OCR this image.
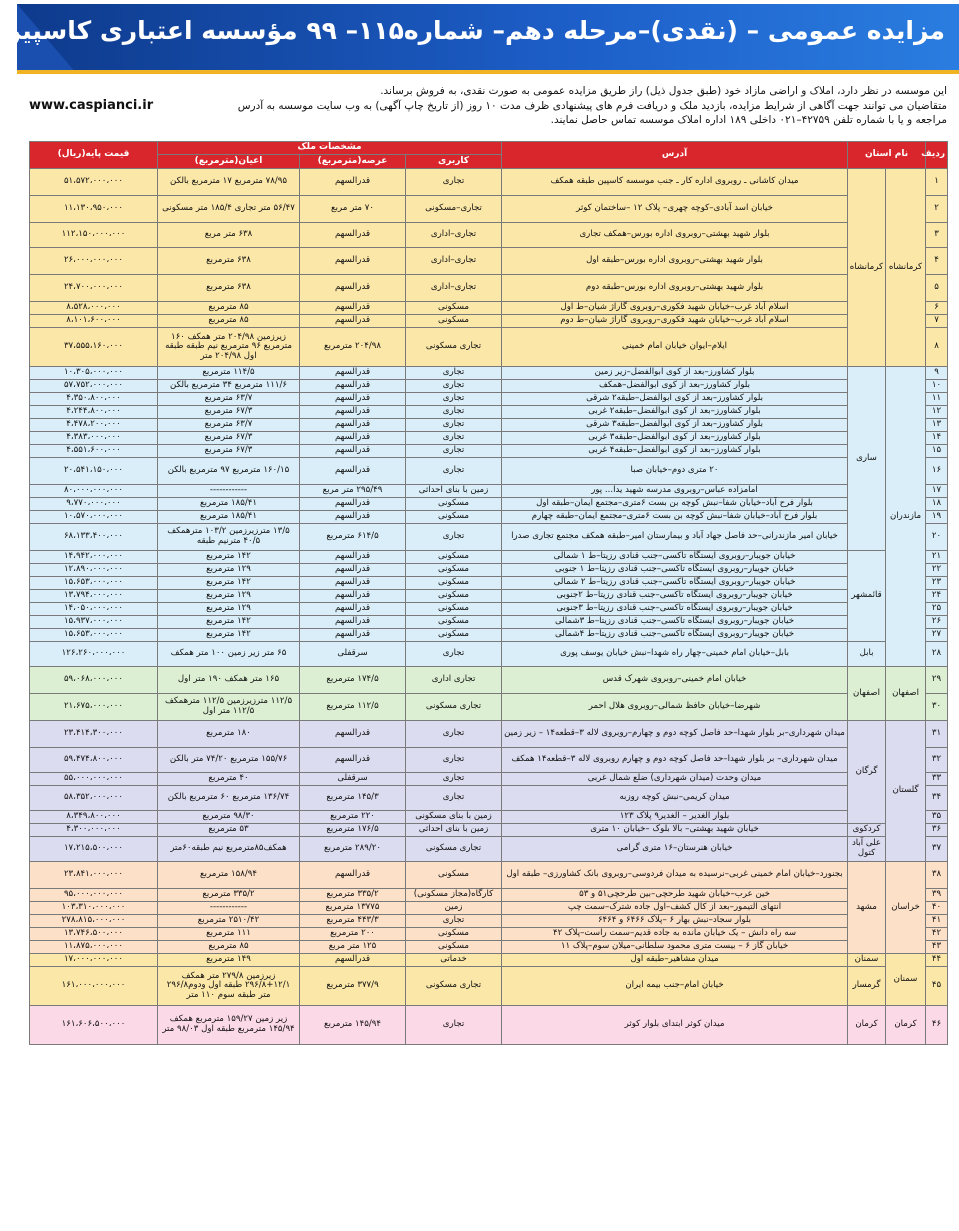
مزایده عمومی – (نقدی)–مرحله دهم– شماره۱۱۵– ۹۹ مؤسسه اعتباری کاسپین
این موسسه در نظر دارد، املاک و اراضی مازاد خود (طبق جدول ذیل) راز طریق مزایده عمومی به صورت نقدی، به فروش برساند.
متقاضیان می توانند جهت آگاهی از شرایط مزایده، بازدید ملک و دریافت فرم های پیشنهادی ظرف مدت ۱۰ روز (از تاریخ چاپ آگهی) به وب سایت موسسه به آدرس
مراجعه و یا با شماره تلفن ۴۲۷۵۹–۰۲۱ داخلی ۱۸۹ اداره املاک موسسه تماس حاصل نمایند.
www.caspianci.ir
ردیف	نام استان		آدرس	مشخصات ملک			قیمت پایه(ریال)
				کاربری	عرصه(مترمربع)	اعیان(مترمربع)	
۱	کرمانشاه	کرمانشاه	میدان کاشانی ـ روبروی اداره کار ـ جنب موسسه کاسپین طبقه همکف	تجاری	قدرالسهم	۷۸/۹۵ مترمربع ۱۷ مترمربع بالکن	۵۱،۵۷۲،۰۰۰،۰۰۰
۲			خیابان اسد آبادی–کوچه چهری– پلاک ۱۲ –ساختمان کوثر	تجاری–مسکونی	۷۰ متر مربع	۵۶/۴۷ متر تجاری ۱۸۵/۴ متر مسکونی	۱۱،۱۳۰،۹۵۰،۰۰۰
۳			بلوار شهید بهشتی–روبروی اداره بورس–همکف تجاری	تجاری–اداری	قدرالسهم	۶۳۸ متر مربع	۱۱۲،۱۵۰،۰۰۰،۰۰۰
۴			بلوار شهید بهشتی–روبروی اداره بورس–طبقه اول	تجاری–اداری	قدرالسهم	۶۳۸ مترمربع	۲۶،۰۰۰،۰۰۰،۰۰۰
۵			بلوار شهید بهشتی–روبروی اداره بورس–طبقه دوم	تجاری–اداری	قدرالسهم	۶۳۸ مترمربع	۲۴،۷۰۰،۰۰۰،۰۰۰
۶			اسلام آباد غرب–خیابان شهید فکوری–روبروی گاراژ شیان–ط اول	مسکونی	قدرالسهم	۸۵ مترمربع	۸،۵۲۸،۰۰۰،۰۰۰
۷			اسلام آباد غرب–خیابان شهید فکوری–روبروی گاراژ شیان–ط دوم	مسکونی	قدرالسهم	۸۵ مترمربع	۸،۱۰۱،۶۰۰،۰۰۰
۸			ایلام–ایوان خیابان امام خمینی	تجاری مسکونی	۲۰۴/۹۸ مترمربع	زیرزمین ۲۰۴/۹۸ متر همکف ۱۶۰ مترمربع ۹۶ مترمربع نیم طبقه طبقه اول ۲۰۴/۹۸ متر	۳۷،۵۵۵،۱۶۰،۰۰۰
۹	مازندران	ساری	بلوار کشاورز–بعد از کوی ابوالفضل–زیر زمین	تجاری	قدرالسهم	۱۱۴/۵ مترمربع	۱۰،۳۰۵،۰۰۰،۰۰۰
۱۰			بلوار کشاورز–بعد از کوی ابوالفضل–همکف	تجاری	قدرالسهم	۱۱۱/۶ مترمربع ۳۴ مترمربع بالکن	۵۷،۷۵۲،۰۰۰،۰۰۰
۱۱			بلوار کشاورز–بعد از کوی ابوالفضل–طبقه۲ شرقی	تجاری	قدرالسهم	۶۳/۷ مترمربع	۴،۳۵۰،۸۰۰،۰۰۰
۱۲			بلوار کشاورز–بعد از کوی ابوالفضل–طبقه۲ غربی	تجاری	قدرالسهم	۶۷/۳ مترمربع	۴،۲۴۴،۸۰۰،۰۰۰
۱۳			بلوار کشاورز–بعد از کوی ابوالفضل–طبقه۳ شرقی	تجاری	قدرالسهم	۶۳/۷ مترمربع	۴،۴۷۸،۲۰۰،۰۰۰
۱۴			بلوار کشاورز–بعد از کوی ابوالفضل–طبقه۳ غربی	تجاری	قدرالسهم	۶۷/۳ مترمربع	۴،۳۸۳،۰۰۰،۰۰۰
۱۵			بلوار کشاورز–بعد از کوی ابوالفضل–طبقه۴ غربی	تجاری	قدرالسهم	۶۷/۳ مترمربع	۴،۵۵۱،۶۰۰،۰۰۰
۱۶			۲۰ متری دوم–خیابان صبا	تجاری	قدرالسهم	۱۶۰/۱۵ مترمربع ۹۷ مترمربع بالکن	۲۰،۵۴۱،۱۵۰،۰۰۰
۱۷			امامزاده عباس–روبروی مدرسه شهید یدا... پور	زمین با بنای احداثی	۲۹۵/۴۹ متر مربع	------------	۸۰،۰۰۰،۰۰۰،۰۰۰
۱۸			بلوار فرح آباد–خیابان شفا–نبش کوچه بن بست ۶متری–مجتمع ایمان–طبقه اول	مسکونی	قدرالسهم	۱۸۵/۴۱ مترمربع	۹،۷۷۰،۰۰۰،۰۰۰
۱۹			بلوار فرح آباد–خیابان شفا–نبش کوچه بن بست ۶متری–مجتمع ایمان–طبقه چهارم	مسکونی	قدرالسهم	۱۸۵/۴۱ مترمربع	۱۰،۵۷۰،۰۰۰،۰۰۰
۲۰			خیابان امیر مازندرانی–حد فاصل جهاد آباد و بیمارستان امیر–طبقه همکف مجتمع تجاری صدرا	تجاری	۶۱۴/۵ مترمربع	۱۳/۵ مترزیرزمین ۱۰۳/۲ مترهمکف ۴۰/۵ مترنیم طبقه	۶۸،۱۳۳،۴۰۰،۰۰۰
۲۱		قائمشهر	خیابان جویبار–روبروی ایستگاه تاکسی–جنب قنادی رزیتا–ط ۱ شمالی	مسکونی	قدرالسهم	۱۴۲ مترمربع	۱۴،۹۴۲،۰۰۰،۰۰۰
۲۲			خیابان جویبار–روبروی ایستگاه تاکسی–جنب قنادی رزیتا–ط ۱ جنوبی	مسکونی	قدرالسهم	۱۲۹ مترمربع	۱۲،۸۹۰،۰۰۰،۰۰۰
۲۳			خیابان جویبار–روبروی ایستگاه تاکسی–جنب قنادی رزیتا–ط ۲ شمالی	مسکونی	قدرالسهم	۱۴۲ مترمربع	۱۵،۶۵۳،۰۰۰،۰۰۰
۲۴			خیابان جویبار–روبروی ایستگاه تاکسی–جنب قنادی رزیتا–ط ۲جنوبی	مسکونی	قدرالسهم	۱۲۹ مترمربع	۱۳،۷۹۴،۰۰۰،۰۰۰
۲۵			خیابان جویبار–روبروی ایستگاه تاکسی–جنب قنادی رزیتا–ط ۳جنوبی	مسکونی	قدرالسهم	۱۲۹ مترمربع	۱۴،۰۵۰،۰۰۰،۰۰۰
۲۶			خیابان جویبار–روبروی ایستگاه تاکسی–جنب قنادی رزیتا–ط ۳شمالی	مسکونی	قدرالسهم	۱۴۲ مترمربع	۱۵،۹۳۷،۰۰۰،۰۰۰
۲۷			خیابان جویبار–روبروی ایستگاه تاکسی–جنب قنادی رزیتا–ط ۴شمالی	مسکونی	قدرالسهم	۱۴۲ مترمربع	۱۵،۶۵۳،۰۰۰،۰۰۰
۲۸		بابل	بابل–خیابان امام خمینی–چهار راه شهدا–نبش خیابان یوسف پوری	تجاری	سرقفلی	۶۵ متر زیر زمین ۱۰۰ متر همکف	۱۲۶،۲۶۰،۰۰۰،۰۰۰
۲۹	اصفهان	اصفهان	خیابان امام خمینی–روبروی شهرک قدس	تجاری اداری	۱۷۴/۵ مترمربع	۱۶۵ متر همکف ۱۹۰ متر اول	۵۹،۰۶۸،۰۰۰،۰۰۰
۳۰			شهرضا–خیابان حافظ شمالی–روبروی هلال احمر	تجاری مسکونی	۱۱۲/۵ مترمربع	۱۱۲/۵ مترزیرزمین ۱۱۲/۵ مترهمکف ۱۱۲/۵ متر اول	۲۱،۶۷۵،۰۰۰،۰۰۰
۳۱	گلستان	گرگان	میدان شهرداری–بر بلوار شهدا–حد فاصل کوچه دوم و چهارم–روبروی لاله ۳–قطعه۱۴ – زیر زمین	تجاری	قدرالسهم	۱۸۰ مترمربع	۲۳،۴۱۴،۳۰۰،۰۰۰
۳۲			میدان شهرداری– بر بلوار شهدا–حد فاصل کوچه دوم و چهارم روبروی لاله ۳–قطعه۱۴ همکف	تجاری	قدرالسهم	۱۵۵/۷۶ مترمربع ۷۴/۲۰ متر بالکن	۵۹،۴۷۴،۸۰۰،۰۰۰
۳۳			میدان وحدت (میدان شهرداری) ضلع شمال غربی	تجاری	سرقفلی	۴۰ مترمربع	۵۵،۰۰۰،۰۰۰،۰۰۰
۳۴			میدان کریمی–نبش کوچه روزبه	تجاری	۱۴۵/۳ مترمربع	۱۳۶/۷۴ مترمربع ۶۰ مترمربع بالکن	۵۸،۳۵۲،۰۰۰،۰۰۰
۳۵			بلوار الغدیر – الغدیر۹ پلاک ۱۲۳	زمین با بنای مسکونی	۲۲۰ مترمربع	۹۸/۳۰ مترمربع	۸،۳۴۹،۸۰۰،۰۰۰
۳۶		کردکوی	خیابان شهید بهشتی– بالا بلوک –خیابان ۱۰ متری	زمین با بنای احداثی	۱۷۶/۵ مترمربع	۵۳ مترمربع	۴،۳۰۰،۰۰۰،۰۰۰
۳۷		علی آباد کتول	خیابان هنرستان–۱۶ متری گرامی	تجاری مسکونی	۲۸۹/۲۰ مترمربع	همکف۸۵مترمربع نیم طبقه۶۰متر	۱۷،۲۱۵،۵۰۰،۰۰۰
۳۸	خراسان	مشهد	بجنورد–خیابان امام خمینی غربی–نرسیده به میدان فردوسی–روبروی بانک کشاورزی– طبقه اول	مسکونی	قدرالسهم	۱۵۸/۹۴ مترمربع	۲۳،۸۴۱،۰۰۰،۰۰۰
۳۹			خین عرب–خیابان شهید طرحچی–بین طرحچی۵۱ و ۵۳	کارگاه(مجاز مسکونی)	۳۳۵/۲ مترمربع	۳۳۵/۲ مترمربع	۹۵،۰۰۰،۰۰۰،۰۰۰
۴۰			انتهای التیمور–بعد از کال کشف–اول جاده شترک–سمت چپ	زمین	۱۳۷۷۵ مترمربع	------------	۱۰۳،۳۱۰،۰۰۰،۰۰۰
۴۱			بلوار سجاد–نبش بهار ۶ –پلاک ۶۴۶۶ و ۶۴۶۴	تجاری	۴۴۳/۳ مترمربع	۲۵۱۰/۴۲ مترمربع	۲۷۸،۸۱۵،۰۰۰،۰۰۰
۴۲			سه راه دانش – یک خیابان مانده به جاده قدیم–سمت راست–پلاک ۴۲	مسکونی	۲۰۰ مترمربع	۱۱۱ مترمربع	۱۳،۷۴۶،۵۰۰،۰۰۰
۴۳			خیابان گاز ۶ – بیست متری محمود سلطانی–میلان سوم–پلاک ۱۱	مسکونی	۱۲۵ متر مربع	۸۵ مترمربع	۱۱،۸۷۵،۰۰۰،۰۰۰
۴۴	سمنان	سمنان	میدان مشاهیر–طبقه اول	خدماتی	قدرالسهم	۱۴۹ مترمربع	۱۷،۰۰۰،۰۰۰،۰۰۰
۴۵		گرمسار	خیابان امام–جنب بیمه ایران	تجاری مسکونی	۳۷۷/۹ مترمربع	زیرزمین ۲۷۹/۸ متر همکف ۱۲/۱+۲۹۶/۸ طبقه اول ودوم۲۹۶/۸ متر طبقه سوم ۱۱۰ متر	۱۶۱،۰۰۰،۰۰۰،۰۰۰
۴۶	کرمان	کرمان	میدان کوثر ابتدای بلوار کوثر	تجاری	۱۴۵/۹۴ مترمربع	زیر زمین ۱۵۹/۲۷ مترمربع همکف ۱۴۵/۹۴ مترمربع طبقه اول ۹۸/۰۳ متر	۱۶۱،۶۰۶،۵۰۰،۰۰۰
